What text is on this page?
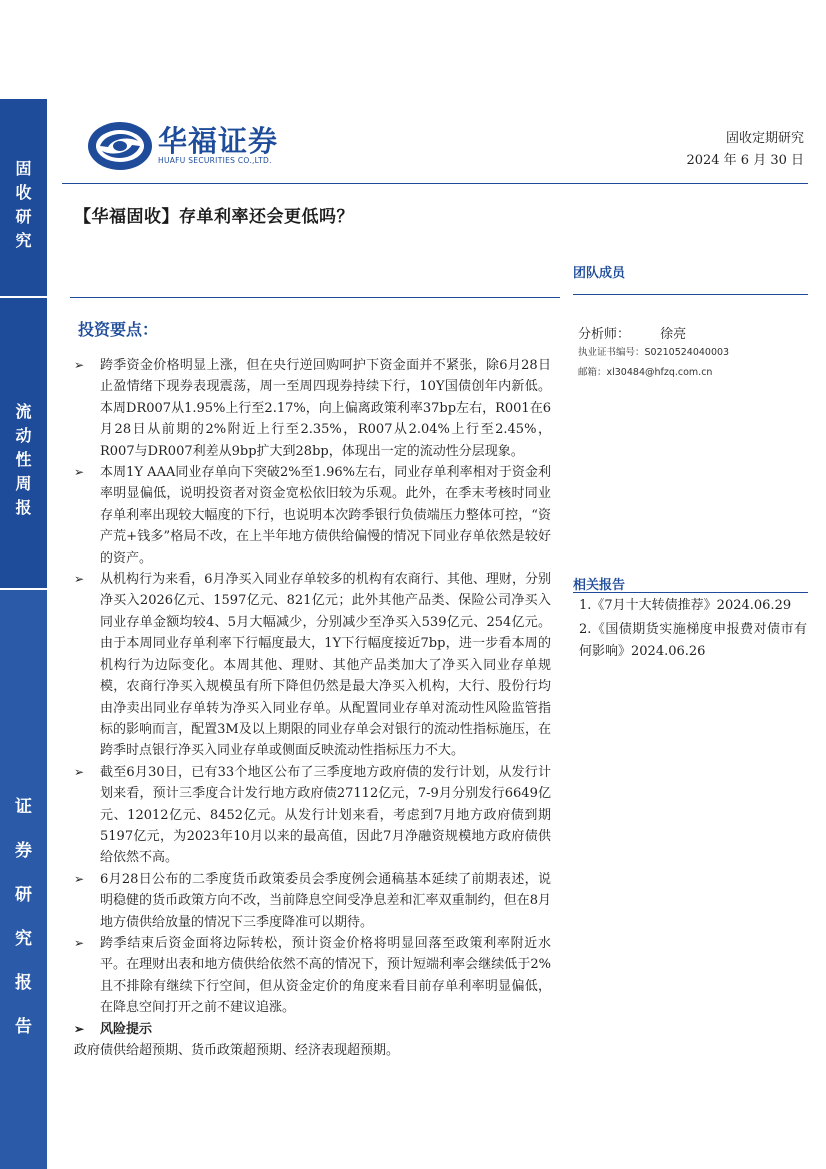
固
收
研
究
流
动
性
周
报
证
券
研
究
报
告
华福证券
HUAFU SECURITIES CO.,LTD.
固收定期研究
2024 年 6 月 30 日
【华福固收】存单利率还会更低吗？
团队成员
分析师： 徐亮
执业证书编号：S0210524040003
邮箱：xl30484@hfzq.com.cn
相关报告

1.《7月十大转债推荐》2024.06.29

2.《国债期货实施梯度申报费对债市有何影响》2024.06.26

投资要点：

➢ 跨季资金价格明显上涨，但在央行逆回购呵护下资金面并不紧张，除6月28日止盈情绪下现券表现震荡，周一至周四现券持续下行，10Y国债创年内新低。本周DR007从1.95%上行至2.17%，向上偏离政策利率37bp左右，R001在6月28日从前期的2%附近上行至2.35%，R007从2.04%上行至2.45%，R007与DR007利差从9bp扩大到28bp，体现出一定的流动性分层现象。

➢ 本周1Y AAA同业存单向下突破2%至1.96%左右，同业存单利率相对于资金利率明显偏低，说明投资者对资金宽松依旧较为乐观。此外，在季末考核时同业存单利率出现较大幅度的下行，也说明本次跨季银行负债端压力整体可控，“资产荒+钱多”格局不改，在上半年地方债供给偏慢的情况下同业存单依然是较好的资产。

➢ 从机构行为来看，6月净买入同业存单较多的机构有农商行、其他、理财，分别净买入2026亿元、1597亿元、821亿元；此外其他产品类、保险公司净买入同业存单金额均较4、5月大幅减少，分别减少至净买入539亿元、254亿元。由于本周同业存单利率下行幅度最大，1Y下行幅度接近7bp，进一步看本周的机构行为边际变化。本周其他、理财、其他产品类加大了净买入同业存单规模，农商行净买入规模虽有所下降但仍然是最大净买入机构，大行、股份行均由净卖出同业存单转为净买入同业存单。从配置同业存单对流动性风险监管指标的影响而言，配置3M及以上期限的同业存单会对银行的流动性指标施压，在跨季时点银行净买入同业存单或侧面反映流动性指标压力不大。

➢ 截至6月30日，已有33个地区公布了三季度地方政府债的发行计划，从发行计划来看，预计三季度合计发行地方政府债27112亿元，7-9月分别发行6649亿元、12012亿元、8452亿元。从发行计划来看，考虑到7月地方政府债到期5197亿元，为2023年10月以来的最高值，因此7月净融资规模地方政府债供给依然不高。

➢ 6月28日公布的二季度货币政策委员会季度例会通稿基本延续了前期表述，说明稳健的货币政策方向不改，当前降息空间受净息差和汇率双重制约，但在8月地方债供给放量的情况下三季度降准可以期待。

➢ 跨季结束后资金面将边际转松，预计资金价格将明显回落至政策利率附近水平。在理财出表和地方债供给依然不高的情况下，预计短端利率会继续低于2%且不排除有继续下行空间，但从资金定价的角度来看目前存单利率明显偏低，在降息空间打开之前不建议追涨。

➢ 风险提示

政府债供给超预期、货币政策超预期、经济表现超预期。
